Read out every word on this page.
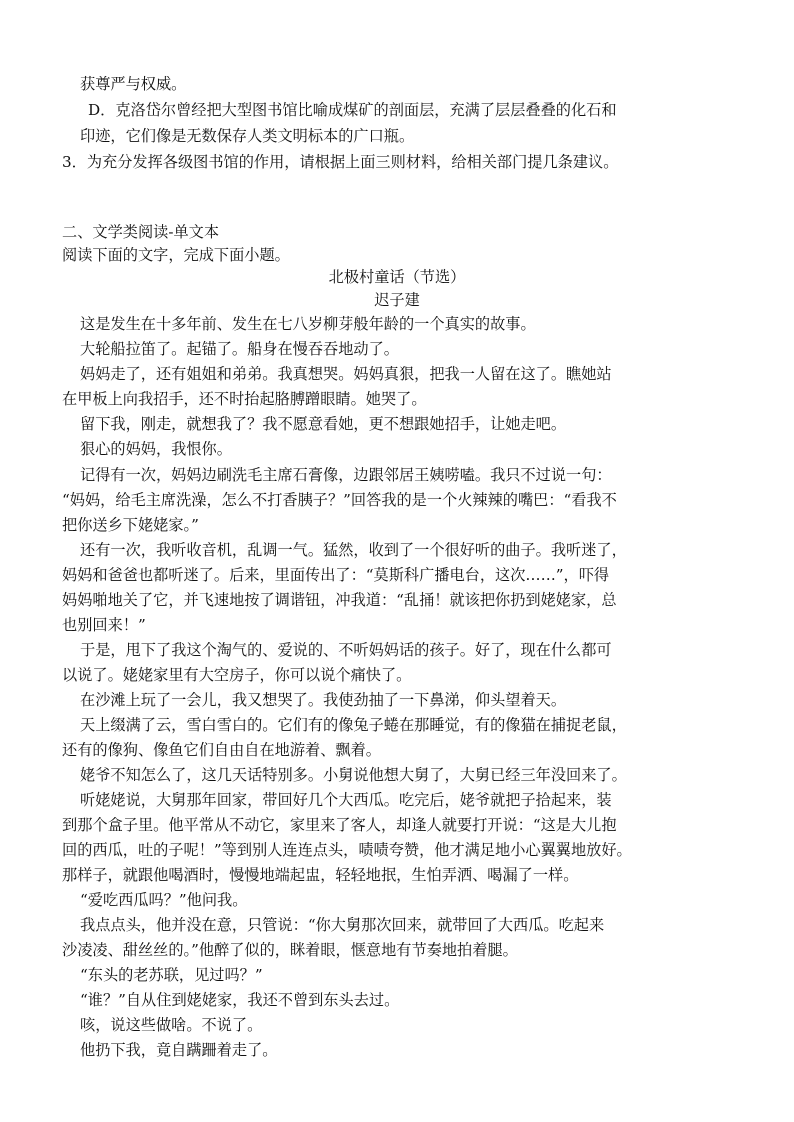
获尊严与权威。
D．克洛岱尔曾经把大型图书馆比喻成煤矿的剖面层，充满了层层叠叠的化石和
印迹，它们像是无数保存人类文明标本的广口瓶。
3．为充分发挥各级图书馆的作用，请根据上面三则材料，给相关部门提几条建议。
二、文学类阅读-单文本
阅读下面的文字，完成下面小题。
北极村童话（节选）
迟子建
这是发生在十多年前、发生在七八岁柳芽般年龄的一个真实的故事。
大轮船拉笛了。起锚了。船身在慢吞吞地动了。
妈妈走了，还有姐姐和弟弟。我真想哭。妈妈真狠，把我一人留在这了。瞧她站
在甲板上向我招手，还不时抬起胳膊蹭眼睛。她哭了。
留下我，刚走，就想我了？我不愿意看她，更不想跟她招手，让她走吧。
狠心的妈妈，我恨你。
记得有一次，妈妈边刷洗毛主席石膏像，边跟邻居王姨唠嗑。我只不过说一句：
“妈妈，给毛主席洗澡，怎么不打香胰子？”回答我的是一个火辣辣的嘴巴：“看我不
把你送乡下姥姥家。”
还有一次，我听收音机，乱调一气。猛然，收到了一个很好听的曲子。我听迷了，
妈妈和爸爸也都听迷了。后来，里面传出了：“莫斯科广播电台，这次……”，吓得
妈妈啪地关了它，并飞速地按了调谐钮，冲我道：“乱捅！就该把你扔到姥姥家，总
也别回来！”
于是，甩下了我这个淘气的、爱说的、不听妈妈话的孩子。好了，现在什么都可
以说了。姥姥家里有大空房子，你可以说个痛快了。
在沙滩上玩了一会儿，我又想哭了。我使劲抽了一下鼻涕，仰头望着天。
天上缀满了云，雪白雪白的。它们有的像兔子蜷在那睡觉，有的像猫在捕捉老鼠，
还有的像狗、像鱼它们自由自在地游着、飘着。
姥爷不知怎么了，这几天话特别多。小舅说他想大舅了，大舅已经三年没回来了。
听姥姥说，大舅那年回家，带回好几个大西瓜。吃完后，姥爷就把子拾起来，装
到那个盒子里。他平常从不动它，家里来了客人，却逢人就要打开说：“这是大儿抱
回的西瓜，吐的子呢！”等到别人连连点头，啧啧夸赞，他才满足地小心翼翼地放好。
那样子，就跟他喝酒时，慢慢地端起盅，轻轻地抿，生怕弄洒、喝漏了一样。
“爱吃西瓜吗？”他问我。
我点点头，他并没在意，只管说：“你大舅那次回来，就带回了大西瓜。吃起来
沙凌凌、甜丝丝的。”他醉了似的，眯着眼，惬意地有节奏地拍着腿。
“东头的老苏联，见过吗？”
“谁？”自从住到姥姥家，我还不曾到东头去过。
咳，说这些做啥。不说了。
他扔下我，竟自蹒跚着走了。
